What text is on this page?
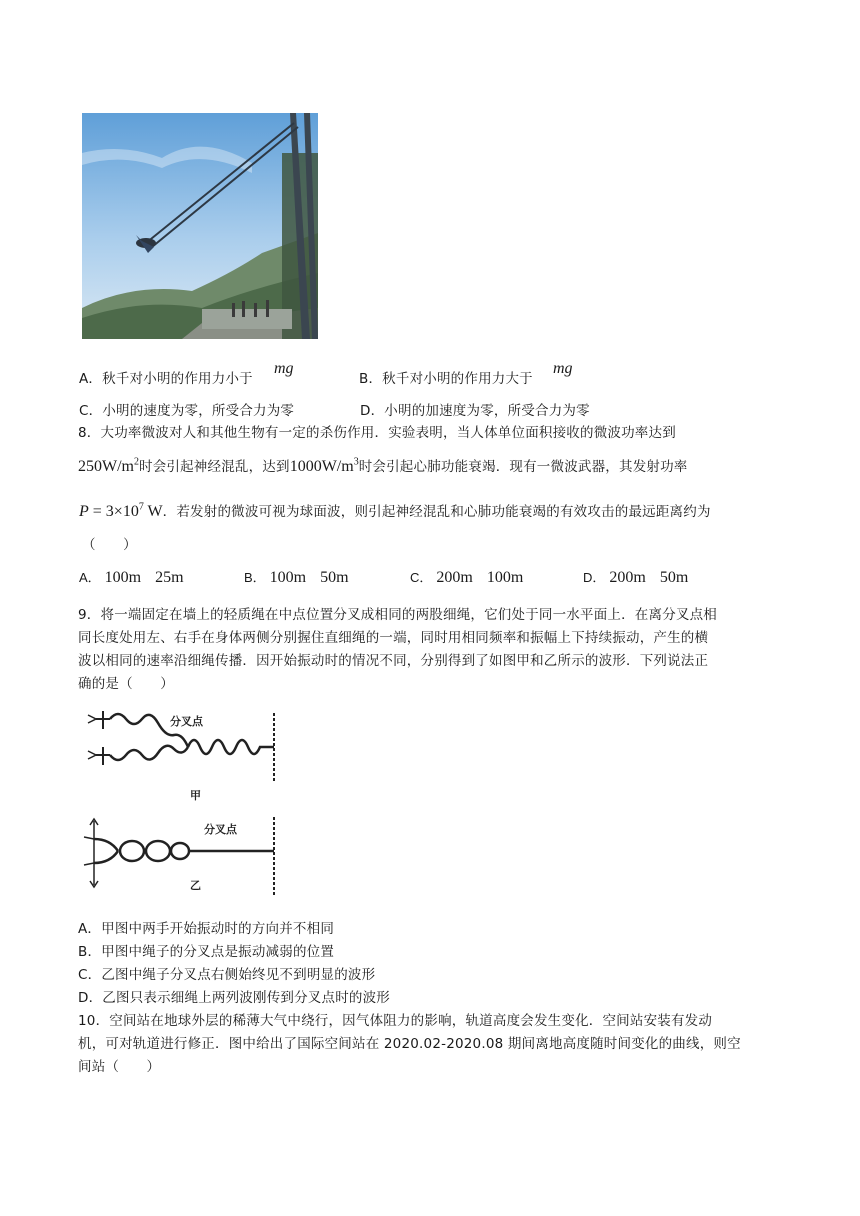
A．秋千对小明的作用力小于
mg
B．秋千对小明的作用力大于
mg
C．小明的速度为零，所受合力为零	D．小明的加速度为零，所受合力为零
8．大功率微波对人和其他生物有一定的杀伤作用．实验表明，当人体单位面积接收的微波功率达到
$250W/m^2$时会引起神经混乱，达到$1000W/m^3$时会引起心肺功能衰竭．现有一微波武器，其发射功率
$P = 3\times 10^7$ W．若发射的微波可视为球面波，则引起神经混乱和心肺功能衰竭的有效攻击的最远距离约为
（　　）
A． 100m 25m	B． 100m 50m	C． 200m 100m	D． 200m 50m
9．将一端固定在墙上的轻质绳在中点位置分叉成相同的两股细绳，它们处于同一水平面上．在离分叉点相
同长度处用左、右手在身体两侧分别握住直细绳的一端，同时用相同频率和振幅上下持续振动，产生的横
波以相同的速率沿细绳传播．因开始振动时的情况不同，分别得到了如图甲和乙所示的波形．下列说法正
确的是（　　）
分叉点
甲
分叉点
乙
A．甲图中两手开始振动时的方向并不相同
B．甲图中绳子的分叉点是振动减弱的位置
C．乙图中绳子分叉点右侧始终见不到明显的波形
D．乙图只表示细绳上两列波刚传到分叉点时的波形
10．空间站在地球外层的稀薄大气中绕行，因气体阻力的影响，轨道高度会发生变化．空间站安装有发动
机，可对轨道进行修正．图中给出了国际空间站在 2020.02-2020.08 期间离地高度随时间变化的曲线，则空
间站（　　）
